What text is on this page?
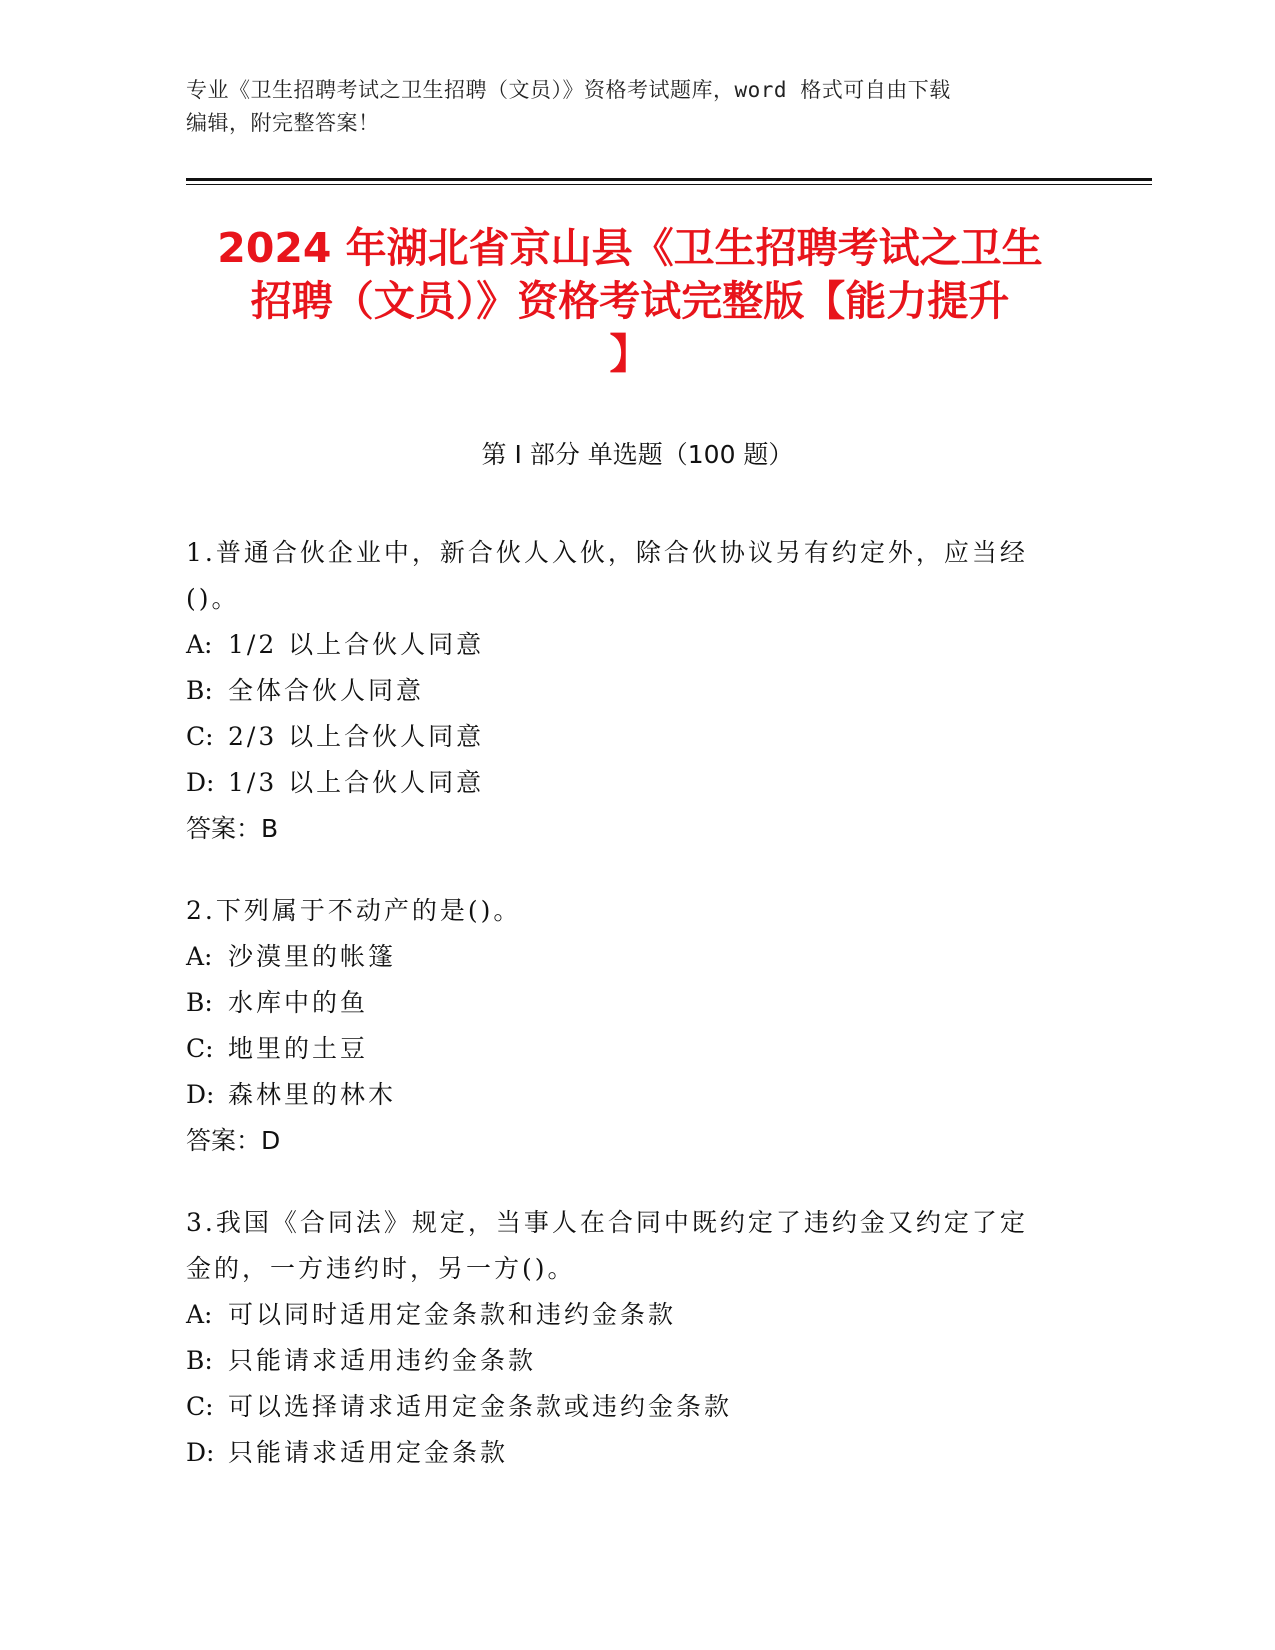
专业《卫生招聘考试之卫生招聘（文员）》资格考试题库，word 格式可自由下载
编辑，附完整答案！
2024 年湖北省京山县《卫生招聘考试之卫生
招聘（文员）》资格考试完整版【能力提升
】
第 I 部分 单选题（100 题）

1.普通合伙企业中，新合伙人入伙，除合伙协议另有约定外，应当经

()。

A: 1/2 以上合伙人同意

B: 全体合伙人同意

C: 2/3 以上合伙人同意

D: 1/3 以上合伙人同意

答案：B

2.下列属于不动产的是()。

A: 沙漠里的帐篷

B: 水库中的鱼

C: 地里的土豆

D: 森林里的林木

答案：D

3.我国《合同法》规定，当事人在合同中既约定了违约金又约定了定

金的，一方违约时，另一方()。

A: 可以同时适用定金条款和违约金条款

B: 只能请求适用违约金条款

C: 可以选择请求适用定金条款或违约金条款

D: 只能请求适用定金条款
